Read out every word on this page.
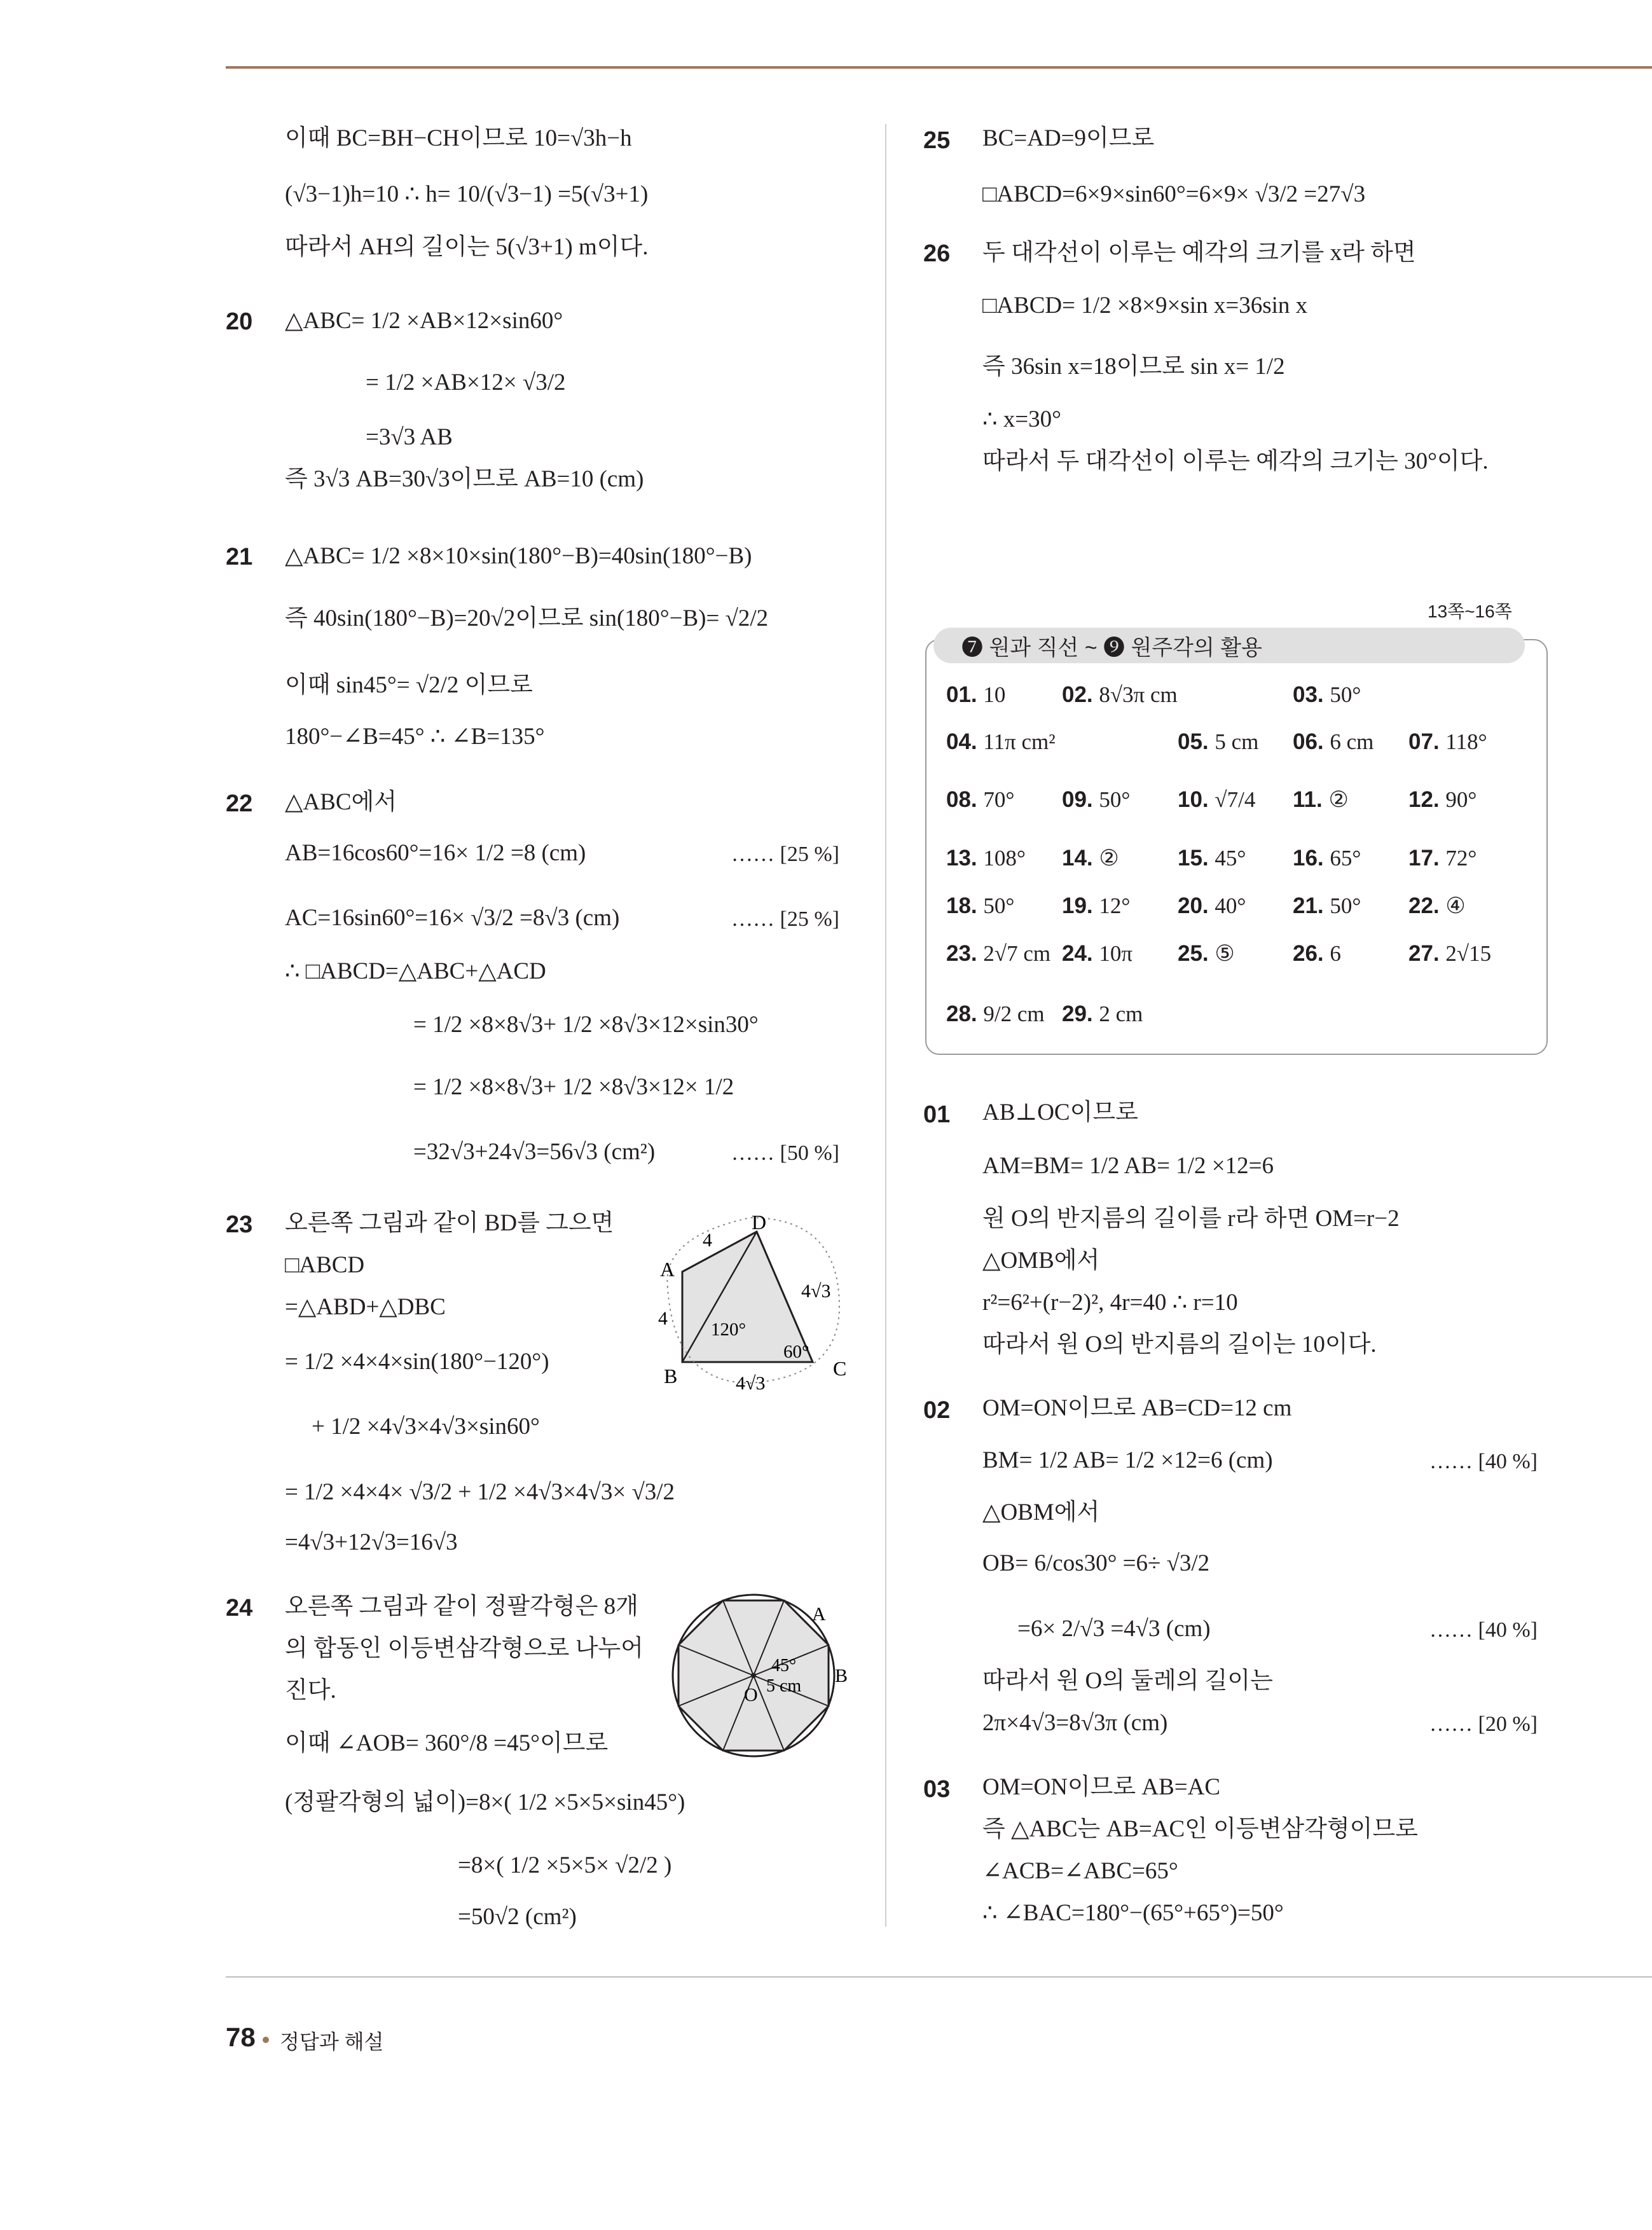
이때 BC=BH−CH이므로 10=√3h−h
(√3−1)h=10 ∴ h= 10/(√3−1) =5(√3+1)
따라서 AH의 길이는 5(√3+1) m이다.
20 △ABC= 1/2 ×AB×12×sin60°
= 1/2 ×AB×12× √3/2
=3√3 AB
즉 3√3 AB=30√3이므로 AB=10 (cm)
21 △ABC= 1/2 ×8×10×sin(180°−B)=40sin(180°−B)
즉 40sin(180°−B)=20√2이므로 sin(180°−B)= √2/2
이때 sin45°= √2/2 이므로
180°−∠B=45° ∴ ∠B=135°
22 △ABC에서
AB=16cos60°=16× 1/2 =8 (cm)	…… [25 %]
AC=16sin60°=16× √3/2 =8√3 (cm)	…… [25 %]
∴ □ABCD=△ABC+△ACD
= 1/2 ×8×8√3+ 1/2 ×8√3×12×sin30°
= 1/2 ×8×8√3+ 1/2 ×8√3×12× 1/2
=32√3+24√3=56√3 (cm²)	…… [50 %]
23 오른쪽 그림과 같이 BD를 그으면
□ABCD
=△ABD+△DBC
= 1/2 ×4×4×sin(180°−120°)
+ 1/2 ×4√3×4√3×sin60°
= 1/2 ×4×4× √3/2 + 1/2 ×4√3×4√3× √3/2
=4√3+12√3=16√3
D
A
B	C
4
4
4√3
4√3
120°
60°
24 오른쪽 그림과 같이 정팔각형은 8개
의 합동인 이등변삼각형으로 나누어
진다.
이때 ∠AOB= 360°/8 =45°이므로
(정팔각형의 넓이)=8×( 1/2 ×5×5×sin45°)
=8×( 1/2 ×5×5× √2/2 )
=50√2 (cm²)
A
B
O
45°
5 cm
25 BC=AD=9이므로
□ABCD=6×9×sin60°=6×9× √3/2 =27√3
26 두 대각선이 이루는 예각의 크기를 x라 하면
□ABCD= 1/2 ×8×9×sin x=36sin x
즉 36sin x=18이므로 sin x= 1/2
∴ x=30°
따라서 두 대각선이 이루는 예각의 크기는 30°이다.
13쪽~16쪽
❼ 원과 직선 ~ ❾ 원주각의 활용
01. 10	02. 8√3π cm	03. 50°
04. 11π cm²	05. 5 cm 06. 6 cm 07. 118°
08. 70° 09. 50° 10. √7/4 11. ②	12. 90°
13. 108° 14. ②	15. 45° 16. 65° 17. 72°
18. 50° 19. 12° 20. 40° 21. 50° 22. ④
23. 2√7 cm 24. 10π 25. ⑤	26. 6	27. 2√15
28. 9/2 cm 29. 2 cm
01 AB⊥OC이므로
AM=BM= 1/2 AB= 1/2 ×12=6
원 O의 반지름의 길이를 r라 하면 OM=r−2
△OMB에서
r²=6²+(r−2)², 4r=40 ∴ r=10
따라서 원 O의 반지름의 길이는 10이다.
02 OM=ON이므로 AB=CD=12 cm
BM= 1/2 AB= 1/2 ×12=6 (cm)	…… [40 %]
△OBM에서
OB= 6/cos30° =6÷ √3/2
=6× 2/√3 =4√3 (cm)	…… [40 %]
따라서 원 O의 둘레의 길이는
2π×4√3=8√3π (cm)	…… [20 %]
03 OM=ON이므로 AB=AC
즉 △ABC는 AB=AC인 이등변삼각형이므로
∠ACB=∠ABC=65°
∴ ∠BAC=180°−(65°+65°)=50°
78 정답과 해설
